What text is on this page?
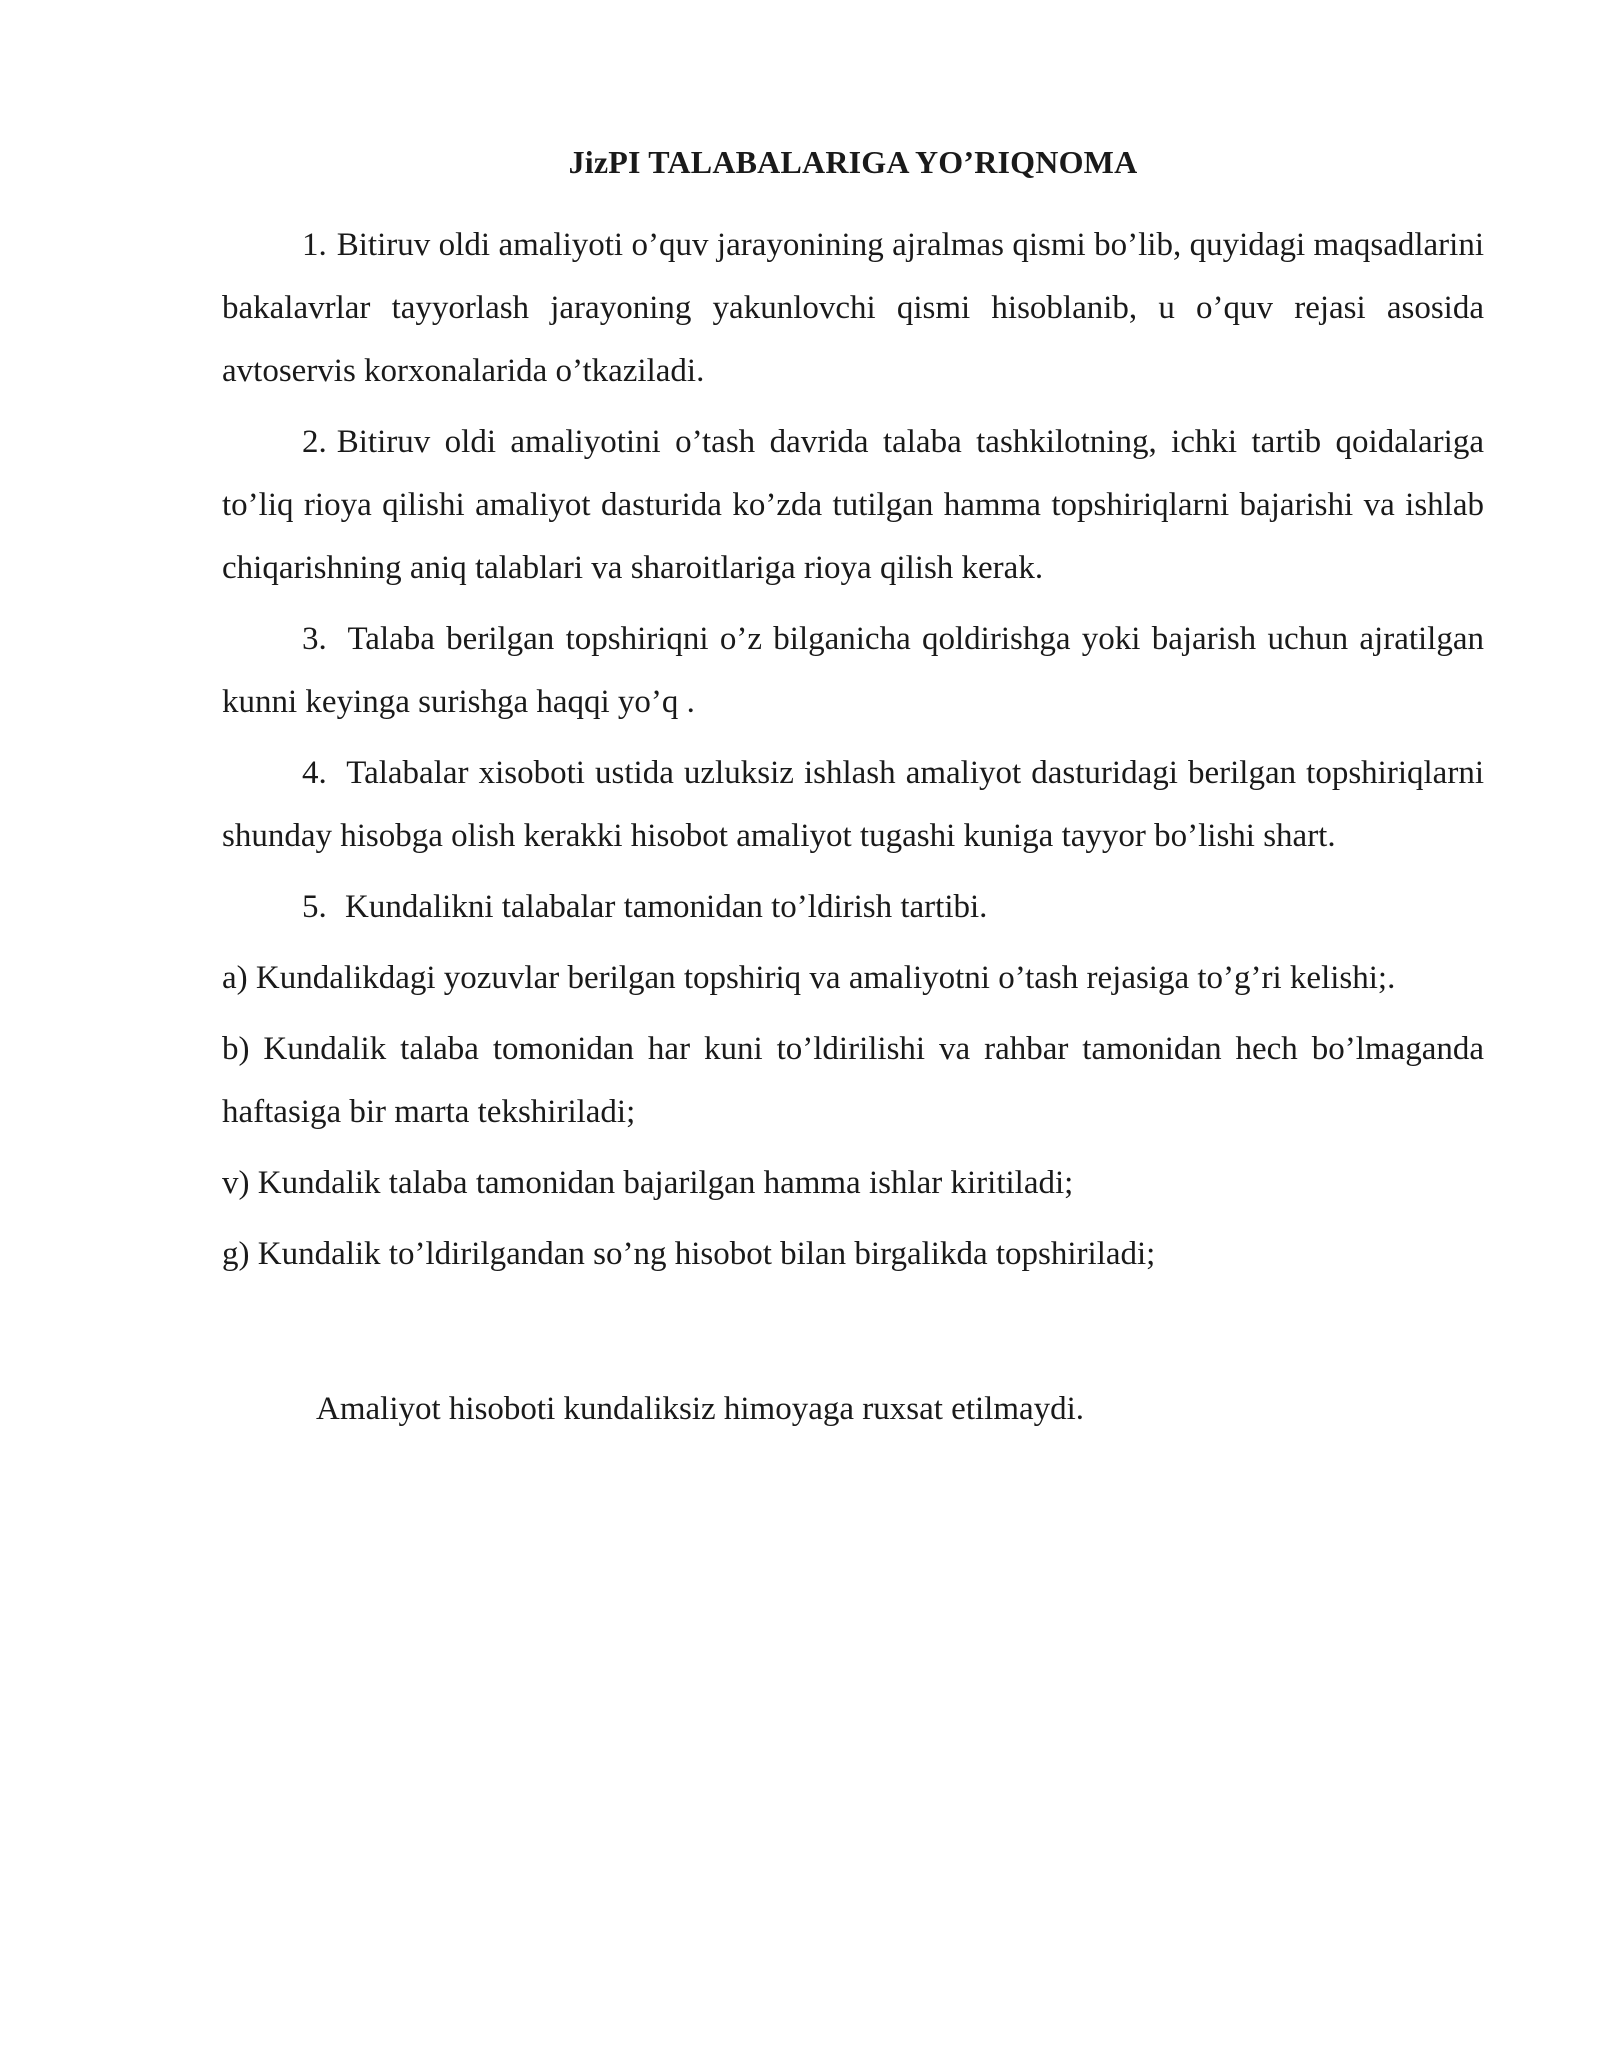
JizPI TALABALARIGA YO’RIQNOMA

1. Bitiruv oldi amaliyoti o’quv jarayonining ajralmas qismi bo’lib, quyidagi maqsadlarini bakalavrlar tayyorlash jarayoning yakunlovchi qismi hisoblanib, u o’quv rejasi asosida avtoservis korxonalarida o’tkaziladi.

2. Bitiruv oldi amaliyotini o’tash davrida talaba tashkilotning, ichki tartib qoidalariga to’liq rioya qilishi amaliyot dasturida ko’zda tutilgan hamma topshiriqlarni bajarishi va ishlab chiqarishning aniq talablari va sharoitlariga rioya qilish kerak.

3. Talaba berilgan topshiriqni o’z bilganicha qoldirishga yoki bajarish uchun ajratilgan kunni keyinga surishga haqqi yo’q .

4. Talabalar xisoboti ustida uzluksiz ishlash amaliyot dasturidagi berilgan topshiriqlarni shunday hisobga olish kerakki hisobot amaliyot tugashi kuniga tayyor bo’lishi shart.

5. Kundalikni talabalar tamonidan to’ldirish tartibi.

a) Kundalikdagi yozuvlar berilgan topshiriq va amaliyotni o’tash rejasiga to’g’ri kelishi;.

b) Kundalik talaba tomonidan har kuni to’ldirilishi va rahbar tamonidan hech bo’lmaganda haftasiga bir marta tekshiriladi;

v) Kundalik talaba tamonidan bajarilgan hamma ishlar kiritiladi;

g) Kundalik to’ldirilgandan so’ng hisobot bilan birgalikda topshiriladi;

Amaliyot hisoboti kundaliksiz himoyaga ruxsat etilmaydi.
